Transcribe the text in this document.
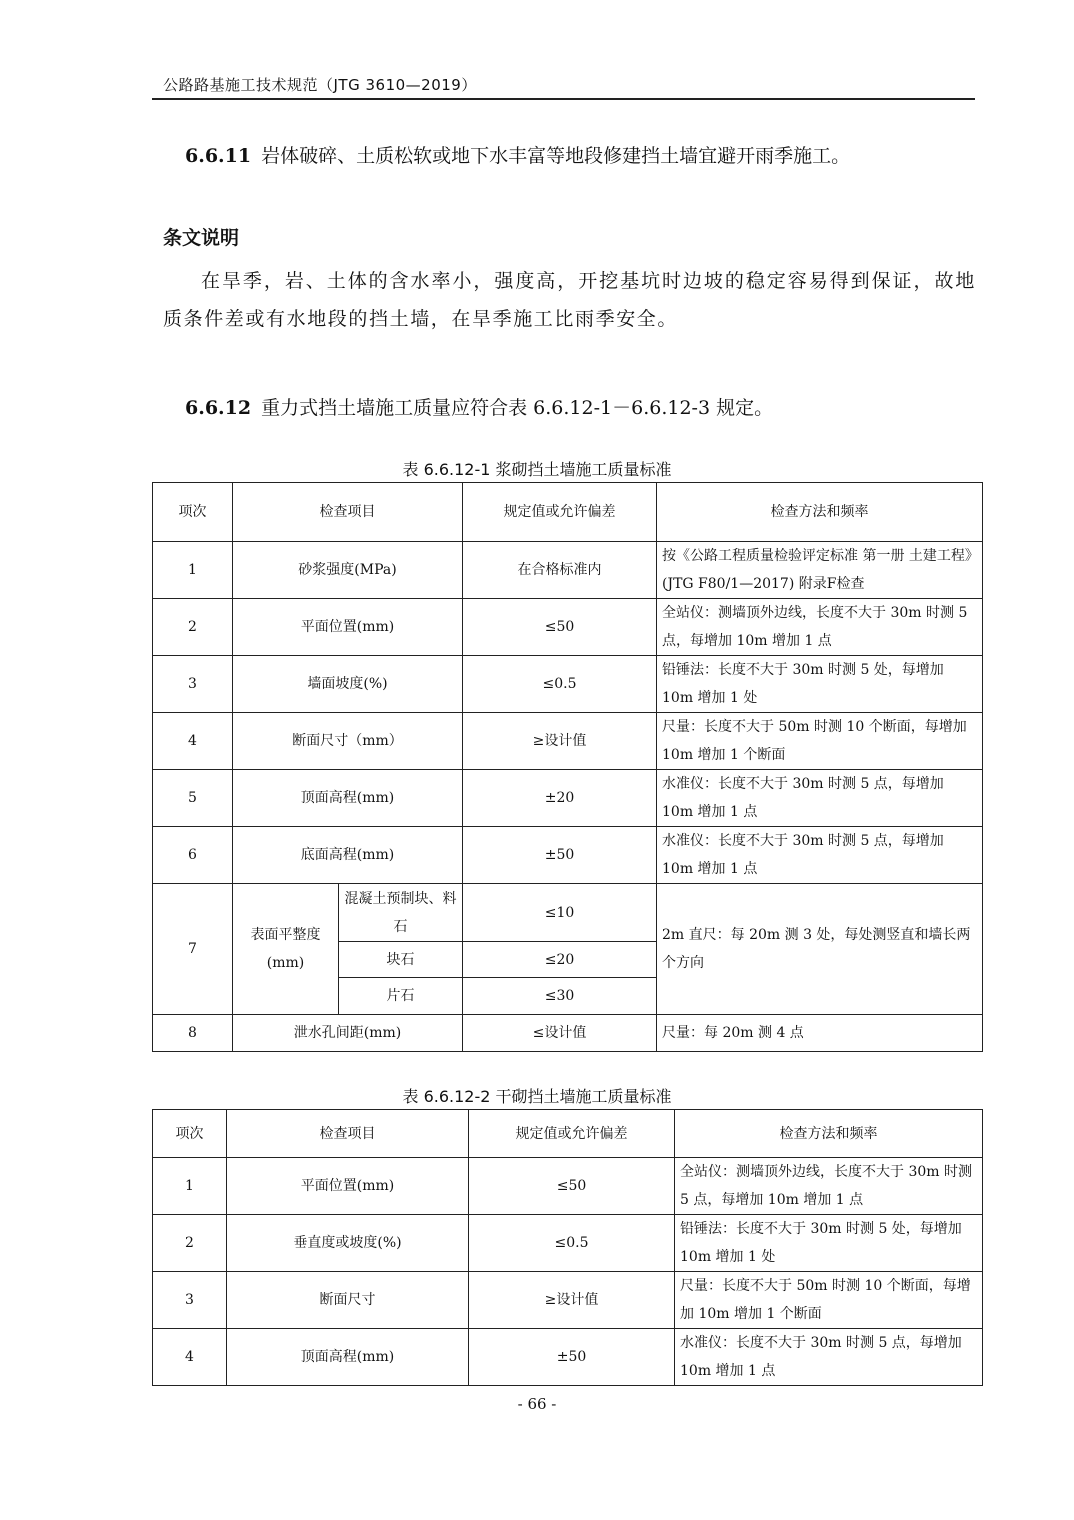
公路路基施工技术规范（JTG 3610—2019）
6.6.11 岩体破碎、土质松软或地下水丰富等地段修建挡土墙宜避开雨季施工。
条文说明
在旱季，岩、土体的含水率小，强度高，开挖基坑时边坡的稳定容易得到保证，故地质条件差或有水地段的挡土墙，在旱季施工比雨季安全。
6.6.12 重力式挡土墙施工质量应符合表 6.6.12-1－6.6.12-3 规定。
表 6.6.12-1 浆砌挡土墙施工质量标准
项次	检查项目		规定值或允许偏差	检查方法和频率
1	砂浆强度(MPa)		在合格标准内	按《公路工程质量检验评定标准 第一册 土建工程》(JTG F80/1—2017) 附录F检查
2	平面位置(mm)		≤50	全站仪：测墙顶外边线，长度不大于 30m 时测 5 点，每增加 10m 增加 1 点
3	墙面坡度(%)		≤0.5	铅锤法：长度不大于 30m 时测 5 处，每增加 10m 增加 1 处
4	断面尺寸（mm）		≥设计值	尺量：长度不大于 50m 时测 10 个断面，每增加 10m 增加 1 个断面
5	顶面高程(mm)		±20	水准仪：长度不大于 30m 时测 5 点，每增加 10m 增加 1 点
6	底面高程(mm)		±50	水准仪：长度不大于 30m 时测 5 点，每增加 10m 增加 1 点
7	表面平整度(mm)	混凝土预制块、料石	≤10	2m 直尺：每 20m 测 3 处，每处测竖直和墙长两个方向
		块石	≤20	
		片石	≤30	
8	泄水孔间距(mm)		≤设计值	尺量：每 20m 测 4 点
表 6.6.12-2 干砌挡土墙施工质量标准
项次	检查项目	规定值或允许偏差	检查方法和频率
1	平面位置(mm)	≤50	全站仪：测墙顶外边线，长度不大于 30m 时测 5 点，每增加 10m 增加 1 点
2	垂直度或坡度(%)	≤0.5	铅锤法：长度不大于 30m 时测 5 处，每增加 10m 增加 1 处
3	断面尺寸	≥设计值	尺量：长度不大于 50m 时测 10 个断面，每增加 10m 增加 1 个断面
4	顶面高程(mm)	±50	水准仪：长度不大于 30m 时测 5 点，每增加 10m 增加 1 点
- 66 -
